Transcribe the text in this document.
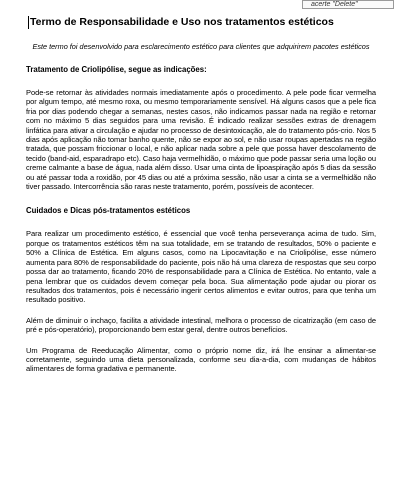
acerte "Delete"
Termo de Responsabilidade e Uso nos tratamentos estéticos
Este termo foi desenvolvido para esclarecimento estético para clientes que adquirirem pacotes estéticos
Tratamento de Criolipólise, segue as indicações:

Pode-se retornar às atividades normais imediatamente após o procedimento. A pele pode ficar vermelha por algum tempo, até mesmo roxa, ou mesmo temporariamente sensível. Há alguns casos que a pele fica fria por dias podendo chegar a semanas, nestes casos, não indicamos passar nada na região e retornar com no máximo 5 dias seguidos para uma revisão. É indicado realizar sessões extras de drenagem linfática para ativar a circulação e ajudar no processo de desintoxicação, ale do tratamento pós-crio. Nos 5 dias após aplicação não tomar banho quente, não se expor ao sol, e não usar roupas apertadas na região tratada, que possam friccionar o local, e não aplicar nada sobre a pele que possa haver descolamento de tecido (band-aid, esparadrapo etc). Caso haja vermelhidão, o máximo que pode passar seria uma loção ou creme calmante a base de água, nada além disso. Usar uma cinta de lipoaspiração após 5 dias da sessão ou até passar toda a roxidão, por 45 dias ou até a próxima sessão, não usar a cinta se a vermelhidão não tiver passado. Intercorrência são raras neste tratamento, porém, possíveis de acontecer.

Cuidados e Dicas pós-tratamentos estéticos

Para realizar um procedimento estético, é essencial que você tenha perseverança acima de tudo. Sim, porque os tratamentos estéticos têm na sua totalidade, em se tratando de resultados, 50% o paciente e 50% a Clínica de Estética. Em alguns casos, como na Lipocavitação e na Criolipólise, esse número aumenta para 80% de responsabilidade do paciente, pois não há uma clareza de respostas que seu corpo possa dar ao tratamento, ficando 20% de responsabilidade para a Clínica de Estética. No entanto, vale a pena lembrar que os cuidados devem começar pela boca. Sua alimentação pode ajudar ou piorar os resultados dos tratamentos, pois é necessário ingerir certos alimentos e evitar outros, para que tenha um resultado positivo.

Além de diminuir o inchaço, facilita a atividade intestinal, melhora o processo de cicatrização (em caso de pré e pós-operatório), proporcionando bem estar geral, dentre outros benefícios.

Um Programa de Reeducação Alimentar, como o próprio nome diz, irá lhe ensinar a alimentar-se corretamente, seguindo uma dieta personalizada, conforme seu dia-a-dia, com mudanças de hábitos alimentares de forma gradativa e permanente.
